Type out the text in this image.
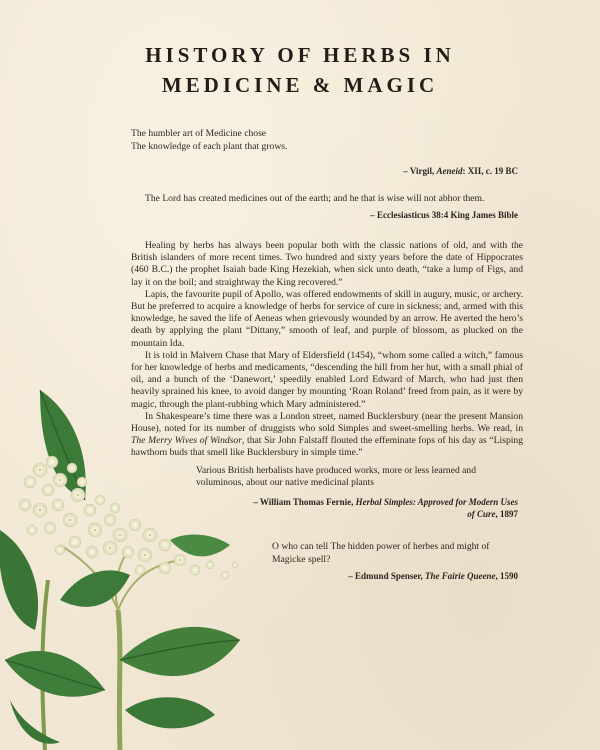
HISTORY OF HERBS IN
MEDICINE & MAGIC
The humbler art of Medicine chose
The knowledge of each plant that grows.
– Virgil, Aeneid: XII, c. 19 BC
The Lord has created medicines out of the earth; and he that is wise will not abhor them.
– Ecclesiasticus 38:4 King James Bible

Healing by herbs has always been popular both with the classic nations of old, and with the British islanders of more recent times. Two hundred and sixty years before the date of Hippocrates (460 B.C.) the prophet Isaiah bade King Hezekiah, when sick unto death, “take a lump of Figs, and lay it on the boil; and straightway the King recovered.”

Lapis, the favourite pupil of Apollo, was offered endowments of skill in augury, music, or archery. But he preferred to acquire a knowledge of herbs for service of cure in sickness; and, armed with this knowledge, he saved the life of Aeneas when grievously wounded by an arrow. He averted the hero’s death by applying the plant “Dittany,” smooth of leaf, and purple of blossom, as plucked on the mountain Ida.

It is told in Malvern Chase that Mary of Eldersfield (1454), “whom some called a witch,” famous for her knowledge of herbs and medicaments, “descending the hill from her hut, with a small phial of oil, and a bunch of the ‘Danewort,’ speedily enabled Lord Edward of March, who had just then heavily sprained his knee, to avoid danger by mounting ‘Roan Roland’ freed from pain, as it were by magic, through the plant-rubbing which Mary administered.”

In Shakespeare’s time there was a London street, named Bucklersbury (near the present Mansion House), noted for its number of druggists who sold Simples and sweet-smelling herbs. We read, in The Merry Wives of Windsor, that Sir John Falstaff flouted the effeminate fops of his day as “Lisping hawthorn buds that smell like Bucklersbury in simple time.”

Various British herbalists have produced works, more or less learned and voluminous, about our native medicinal plants
– William Thomas Fernie, Herbal Simples: Approved for Modern Uses of Cure, 1897
O who can tell The hidden power of herbes and might of Magicke spell?
– Edmund Spenser, The Fairie Queene, 1590
